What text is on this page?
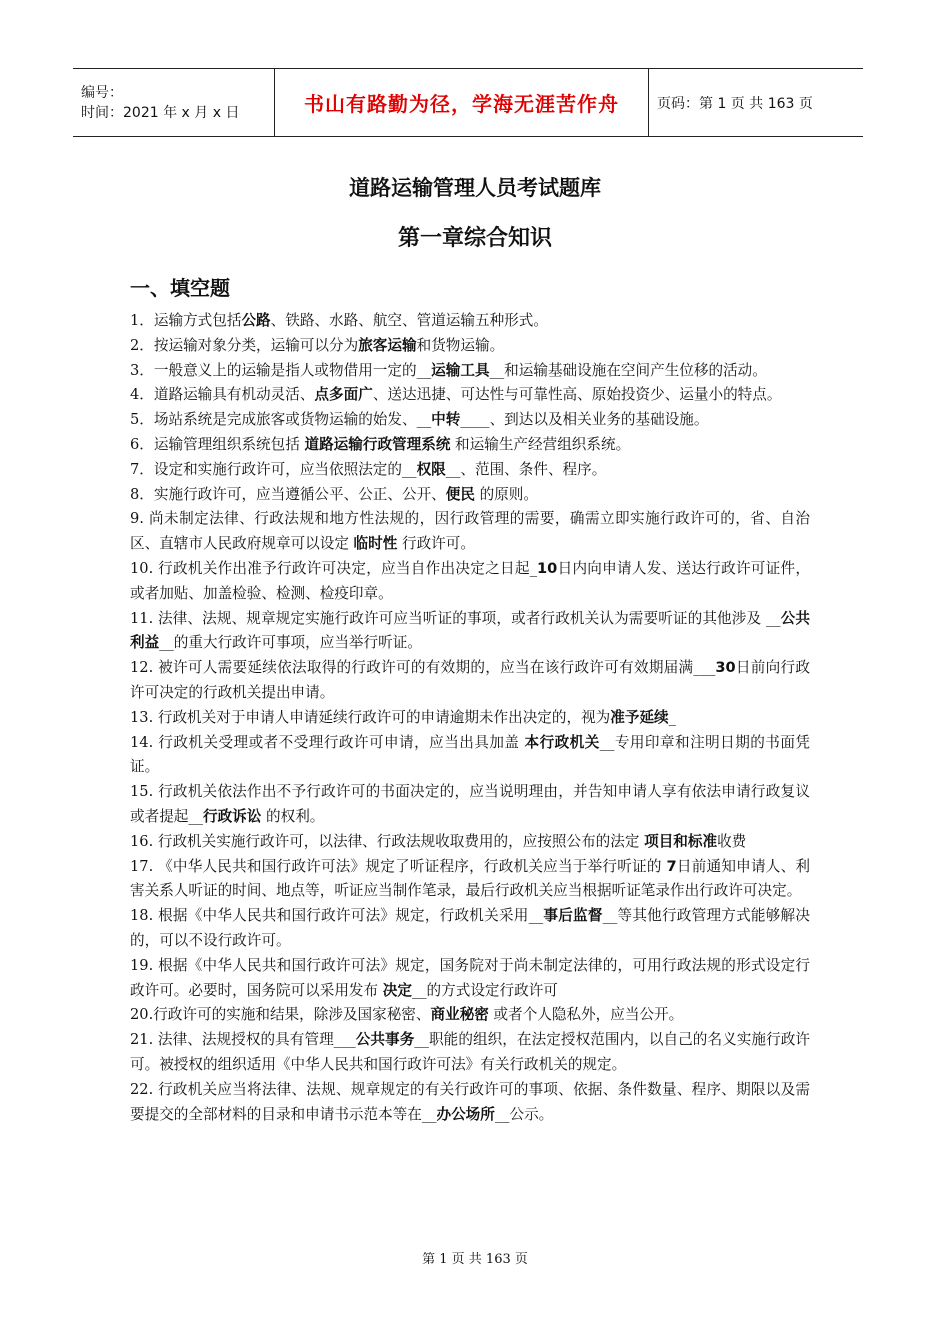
编号：
时间：2021 年 x 月 x 日	书山有路勤为径，学海无涯苦作舟	页码：第 1 页 共 163 页
道路运输管理人员考试题库
第一章综合知识
一、填空题

1．运输方式包括公路、铁路、水路、航空、管道运输五种形式。

2．按运输对象分类，运输可以分为旅客运输和货物运输。

3．一般意义上的运输是指人或物借用一定的__运输工具__和运输基础设施在空间产生位移的活动。

4．道路运输具有机动灵活、点多面广、送达迅捷、可达性与可靠性高、原始投资少、运量小的特点。

5．场站系统是完成旅客或货物运输的始发、__中转____、到达以及相关业务的基础设施。

6．运输管理组织系统包括 道路运输行政管理系统 和运输生产经营组织系统。

7．设定和实施行政许可，应当依照法定的__权限__、范围、条件、程序。

8．实施行政许可，应当遵循公平、公正、公开、便民 的原则。

9. 尚未制定法律、行政法规和地方性法规的，因行政管理的需要，确需立即实施行政许可的，省、自治区、直辖市人民政府规章可以设定 临时性 行政许可。

10. 行政机关作出准予行政许可决定，应当自作出决定之日起_10日内向申请人发、送达行政许可证件，或者加贴、加盖检验、检测、检疫印章。

11. 法律、法规、规章规定实施行政许可应当听证的事项，或者行政机关认为需要听证的其他涉及 __公共利益__的重大行政许可事项，应当举行听证。

12. 被许可人需要延续依法取得的行政许可的有效期的，应当在该行政许可有效期届满___30日前向行政许可决定的行政机关提出申请。

13. 行政机关对于申请人申请延续行政许可的申请逾期未作出决定的，视为准予延续_

14. 行政机关受理或者不受理行政许可申请，应当出具加盖 本行政机关__专用印章和注明日期的书面凭证。

15. 行政机关依法作出不予行政许可的书面决定的，应当说明理由，并告知申请人享有依法申请行政复议或者提起__行政诉讼 的权利。

16. 行政机关实施行政许可，以法律、行政法规收取费用的，应按照公布的法定 项目和标准收费

17. 《中华人民共和国行政许可法》规定了听证程序，行政机关应当于举行听证的 7日前通知申请人、利害关系人听证的时间、地点等，听证应当制作笔录，最后行政机关应当根据听证笔录作出行政许可决定。

18. 根据《中华人民共和国行政许可法》规定，行政机关采用__事后监督__等其他行政管理方式能够解决的，可以不设行政许可。

19. 根据《中华人民共和国行政许可法》规定，国务院对于尚未制定法律的，可用行政法规的形式设定行政许可。必要时，国务院可以采用发布 决定__的方式设定行政许可

20.行政许可的实施和结果，除涉及国家秘密、商业秘密 或者个人隐私外，应当公开。

21. 法律、法规授权的具有管理___公共事务__职能的组织，在法定授权范围内，以自己的名义实施行政许可。被授权的组织适用《中华人民共和国行政许可法》有关行政机关的规定。

22. 行政机关应当将法律、法规、规章规定的有关行政许可的事项、依据、条件数量、程序、期限以及需要提交的全部材料的目录和申请书示范本等在__办公场所__公示。

第 1 页 共 163 页
